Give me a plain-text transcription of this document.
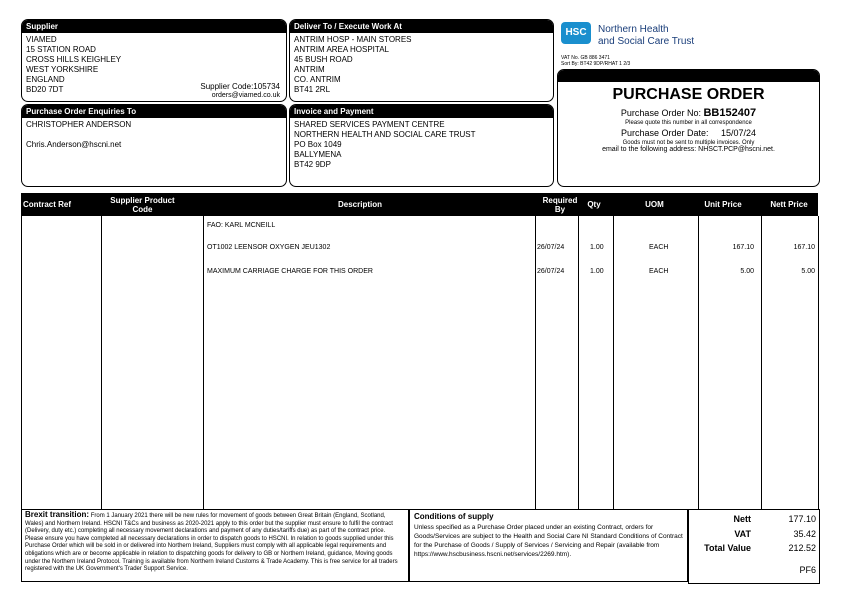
Supplier
VIAMED
15 STATION ROAD
CROSS HILLS KEIGHLEY
WEST YORKSHIRE
ENGLAND
BD20 7DT	Supplier Code:105734
orders@viamed.co.uk
Deliver To / Execute Work At
ANTRIM HOSP - MAIN STORES
ANTRIM AREA HOSPITAL
45 BUSH ROAD
ANTRIM
CO. ANTRIM
BT41 2RL
Purchase Order Enquiries To
CHRISTOPHER ANDERSON
Chris.Anderson@hscni.net
Invoice and Payment
SHARED SERVICES PAYMENT CENTRE
NORTHERN HEALTH AND SOCIAL CARE TRUST
PO Box 1049
BALLYMENA
BT42 9DP
HSC	Northern Health
and Social Care Trust
VAT No. GB 886 3471
Sort By: BT42 9DP/RHAT 1 2/3
PURCHASE ORDER
Purchase Order No: BB152407
Please quote this number in all correspondence
Purchase Order Date: 15/07/24
Goods must not be sent to multiple invoices. Only
email to the following address: NHSCT.PCP@hscni.net.
Contract Ref	Supplier Product Code	Description	Required By	Qty	UOM	Unit Price	Nett Price
FAO: KARL MCNEILL
OT1002 LEENSOR OXYGEN JEU1302	26/07/24	1.00	EACH	167.10	167.10
MAXIMUM CARRIAGE CHARGE FOR THIS ORDER	26/07/24	1.00	EACH	5.00	5.00
Brexit transition: From 1 January 2021 there will be new rules for movement of goods between Great Britain (England, Scotland, Wales) and Northern Ireland. HSCNI T&Cs and business as 2020-2021 apply to this order but the supplier must ensure to fulfil the contract (Delivery, duty etc.) completing all necessary movement declarations and payment of any duties/tariffs due) as part of the contract price. Please ensure you have completed all necessary declarations in order to dispatch goods to HSCNI. In relation to goods supplied under this Purchase Order which will be sold in or delivered into Northern Ireland, Suppliers must comply with all applicable legal requirements and obligations which are or become applicable in relation to dispatching goods for delivery to GB or Northern Ireland, guidance, Moving goods under the Northern Ireland Protocol. Training is available from Northern Ireland Customs & Trade Academy. This is free service for all traders registered with the UK Government's Trader Support Service.
Conditions of supply
Unless specified as a Purchase Order placed under an existing Contract, orders for Goods/Services are subject to the Health and Social Care NI Standard Conditions of Contract for the Purchase of Goods / Supply of Services / Servicing and Repair (available from https://www.hscbusiness.hscni.net/services/2269.htm).
Nett	177.10
VAT	35.42
Total Value	212.52
PF6
